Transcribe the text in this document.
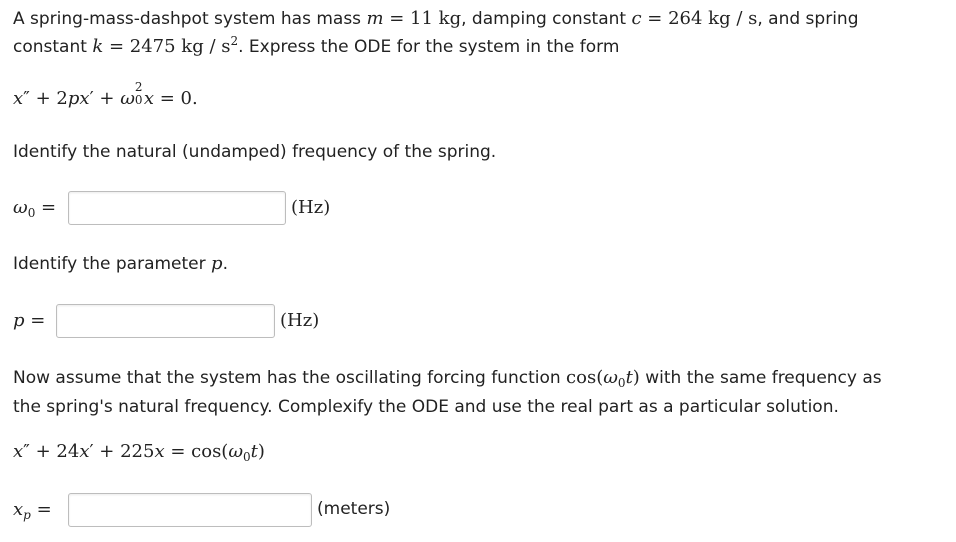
A spring-mass-dashpot system has mass m = 11 kg, damping constant c = 264 kg / s, and spring
constant k = 2475 kg / $s^2$. Express the ODE for the system in the form
x″ + 2px′ + ω
2
0 x = 0.
Identify the natural (undamped) frequency of the spring.
$\omega_0$ =	(Hz)
Identify the parameter p.
p =	(Hz)
Now assume that the system has the oscillating forcing function $\cos(\omega_0t)$ with the same frequency as
the spring's natural frequency. Complexify the ODE and use the real part as a particular solution.
$x'' + 24x' + 225x = \cos(\omega_0t)$
$x_p$ =	(meters)
